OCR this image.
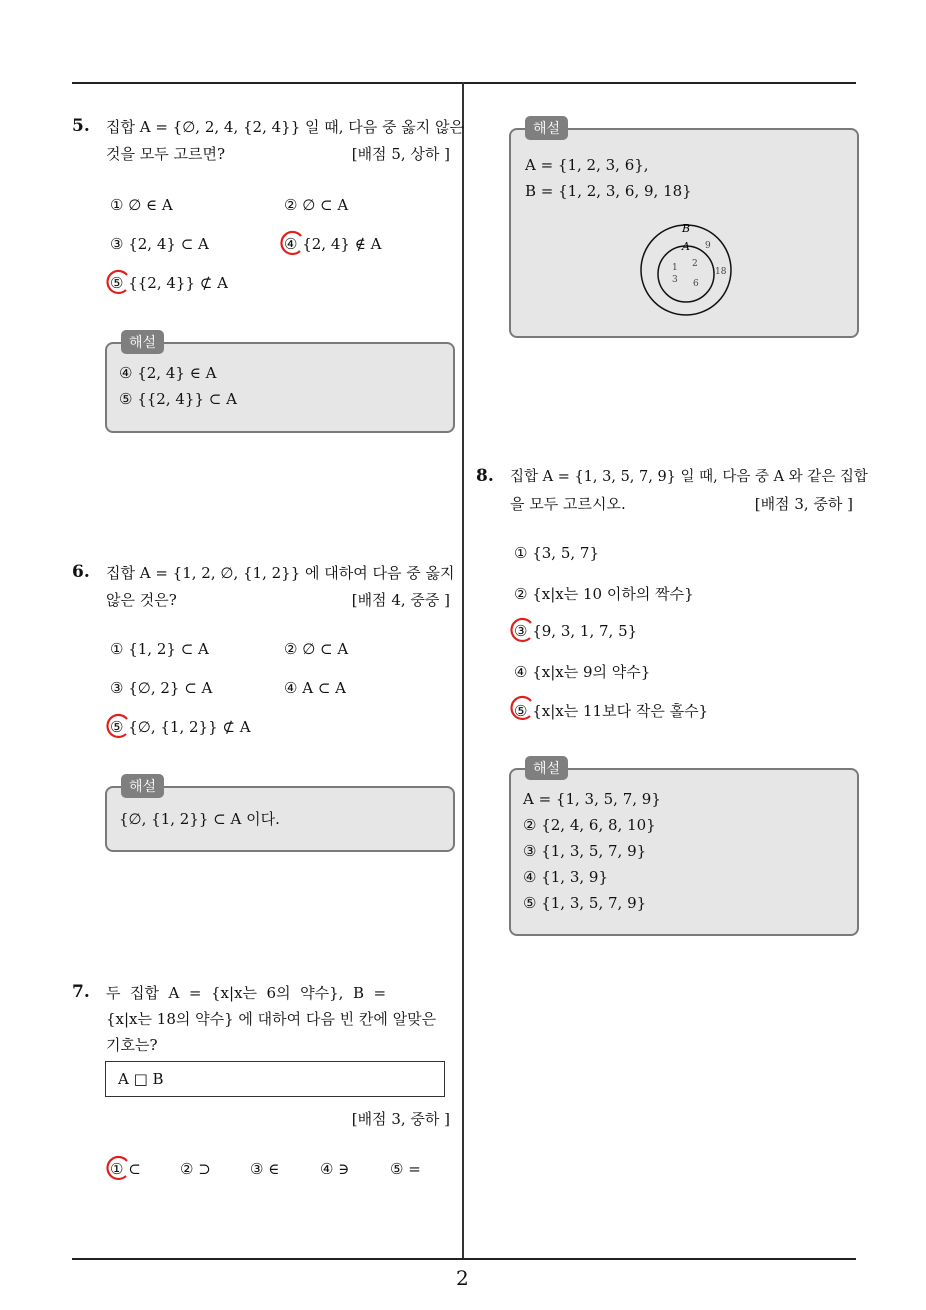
2
5. 집합 A = {∅, 2, 4, {2, 4}} 일 때, 다음 중 옳지 않은
것을 모두 고르면?	[배점 5, 상하 ]
① ∅ ∈ A	② ∅ ⊂ A
③ {2, 4} ⊂ A	④ {2, 4} ∉ A
⑤ {{2, 4}} ⊄ A
해설
④ {2, 4} ∈ A
⑤ {{2, 4}} ⊂ A
6. 집합 A = {1, 2, ∅, {1, 2}} 에 대하여 다음 중 옳지
않은 것은?	[배점 4, 중중 ]
① {1, 2} ⊂ A	② ∅ ⊂ A
③ {∅, 2} ⊂ A	④ A ⊂ A
⑤ {∅, {1, 2}} ⊄ A
해설
{∅, {1, 2}} ⊂ A 이다.
7. 두  집합  A  =  {x|x는  6의  약수},  B  =
{x|x는 18의 약수} 에 대하여 다음 빈 칸에 알맞은
기호는?
A □ B
[배점 3, 중하 ]
① ⊂	② ⊃	③ ∈	④ ∋	⑤ =
해설
A = {1, 2, 3, 6},
B = {1, 2, 3, 6, 9, 18}
B
A
1 2
3 6
9
18
8. 집합 A = {1, 3, 5, 7, 9} 일 때, 다음 중 A 와 같은 집합
을 모두 고르시오.	[배점 3, 중하 ]
① {3, 5, 7}
② {x|x는 10 이하의 짝수}
③ {9, 3, 1, 7, 5}
④ {x|x는 9의 약수}
⑤ {x|x는 11보다 작은 홀수}
해설
A = {1, 3, 5, 7, 9}
② {2, 4, 6, 8, 10}
③ {1, 3, 5, 7, 9}
④ {1, 3, 9}
⑤ {1, 3, 5, 7, 9}
